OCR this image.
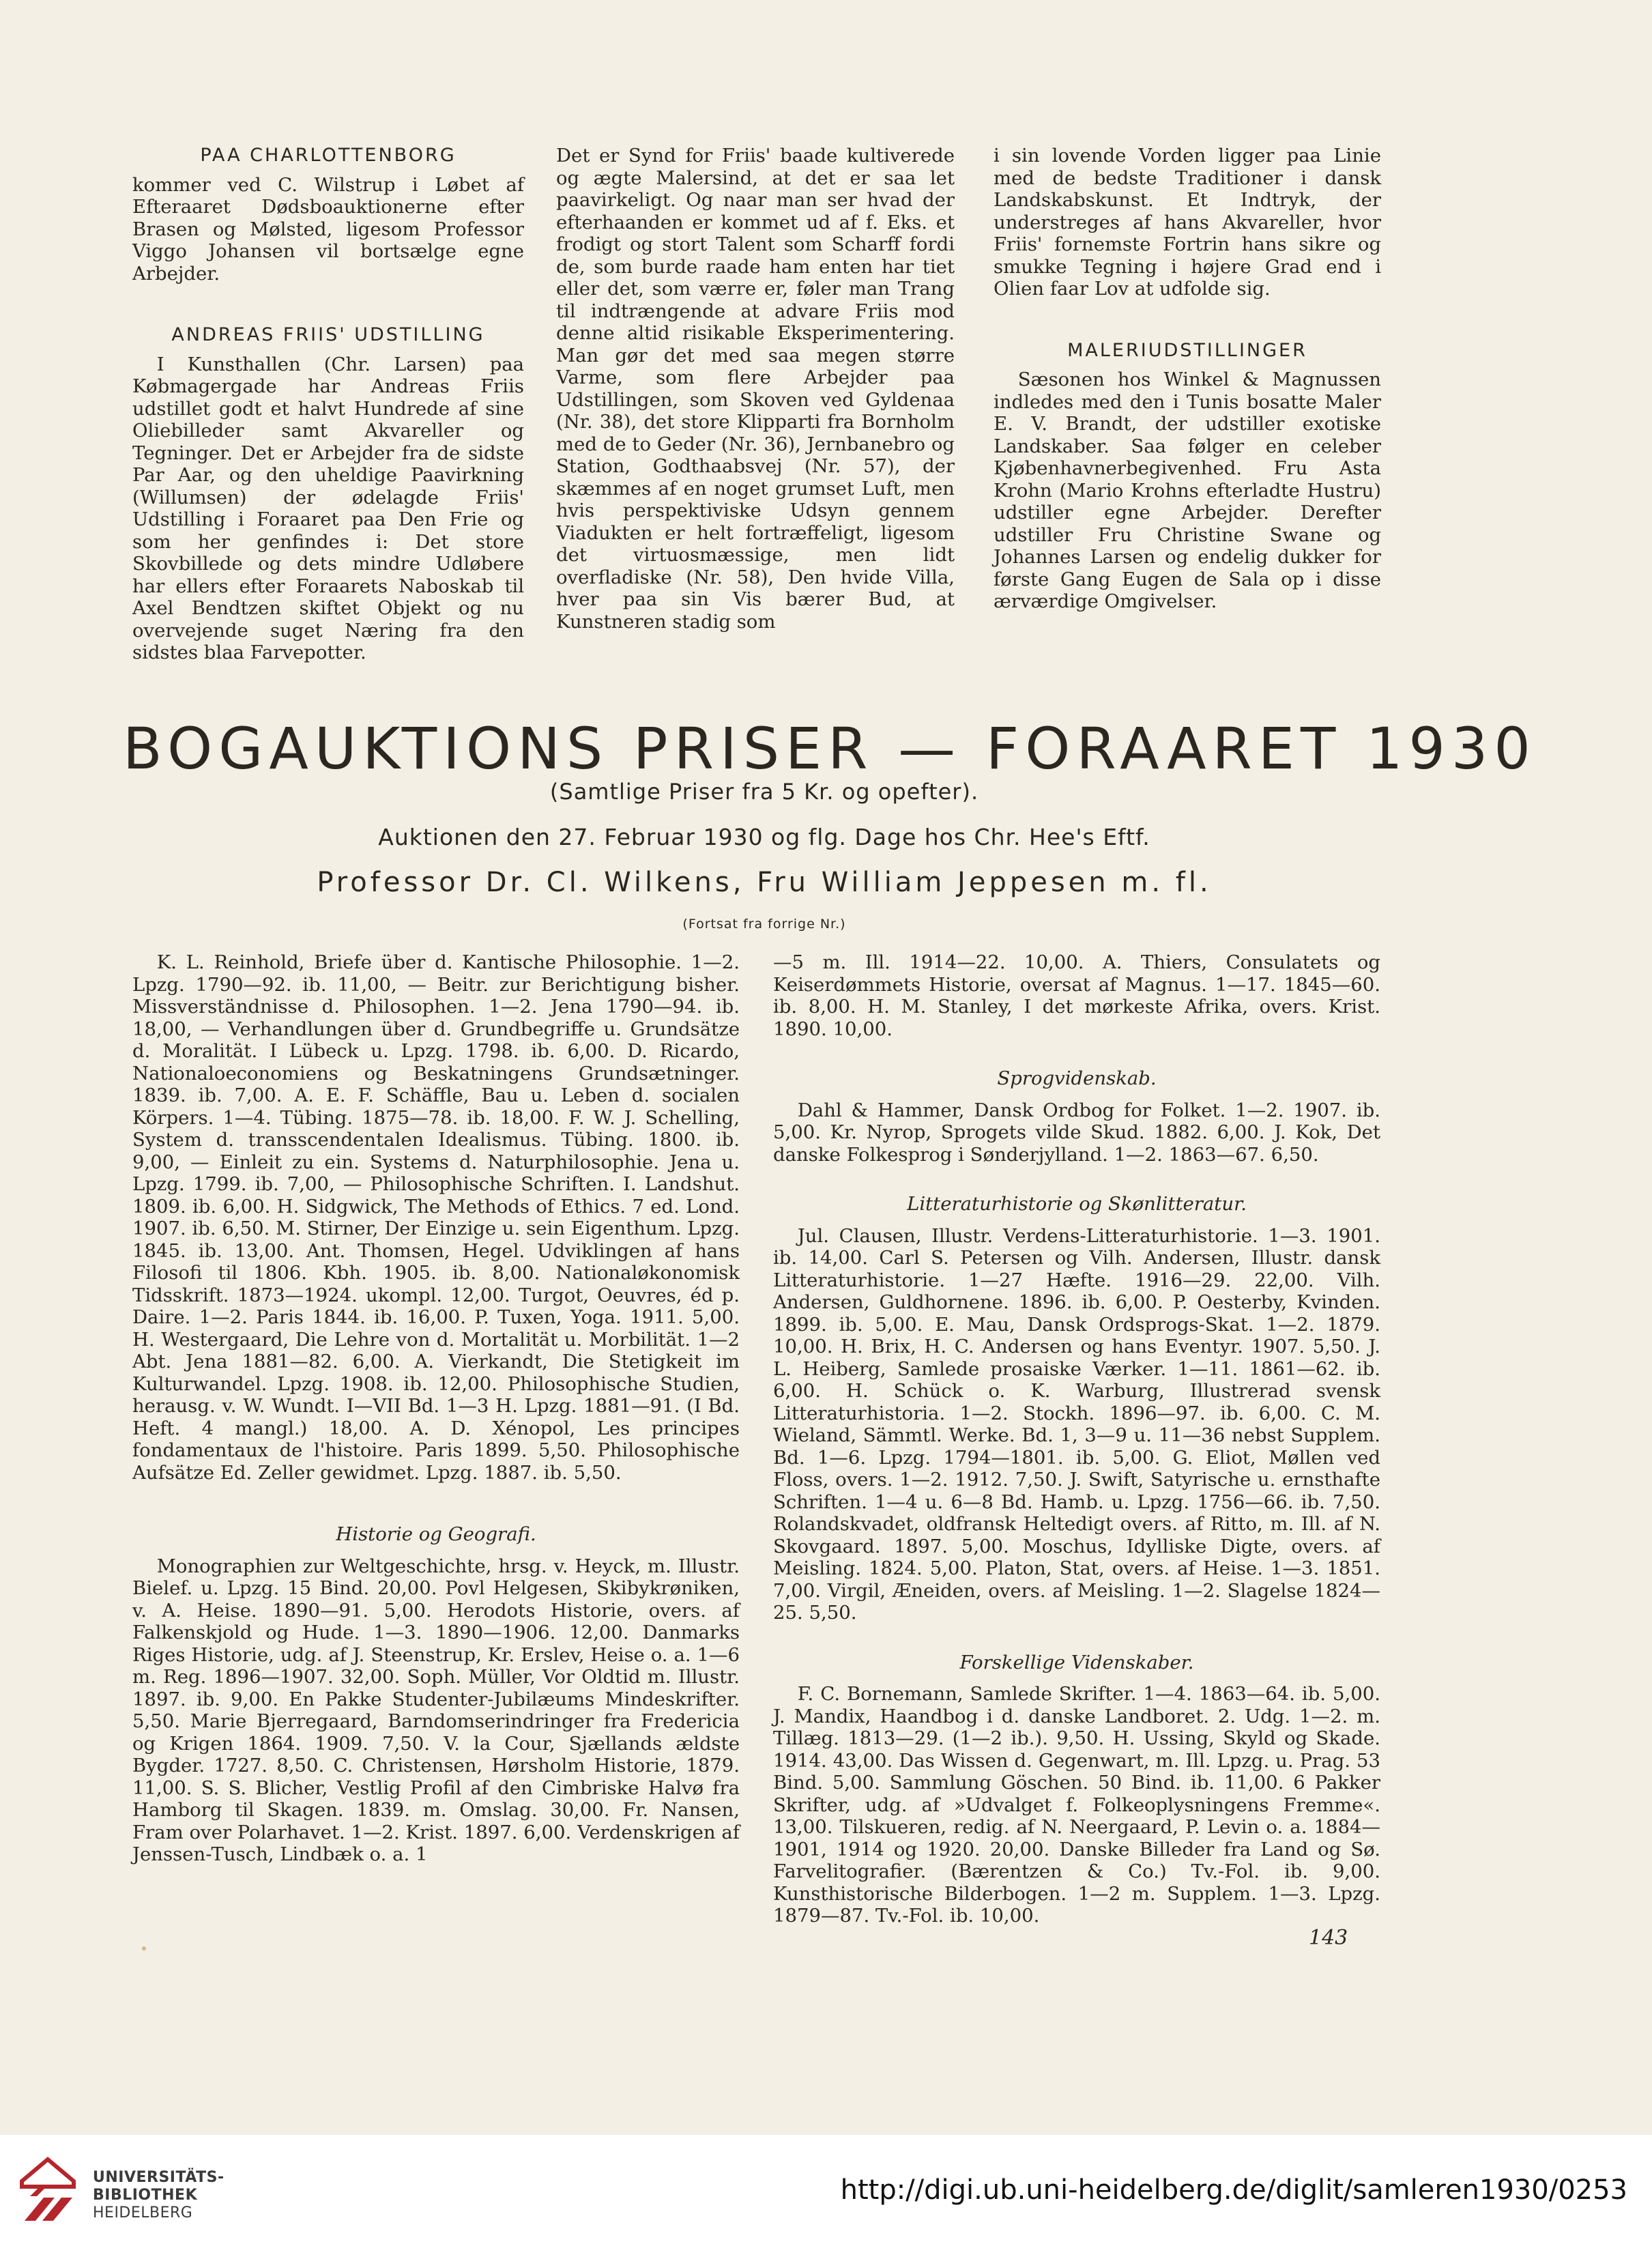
PAA CHARLOTTENBORG

kommer ved C. Wilstrup i Løbet af Efteraaret Dødsboauktionerne efter Brasen og Mølsted, ligesom Professor Viggo Johansen vil bortsælge egne Arbejder.

ANDREAS FRIIS' UDSTILLING

I Kunsthallen (Chr. Larsen) paa Købmagergade har Andreas Friis udstillet godt et halvt Hundrede af sine Oliebilleder samt Akvareller og Tegninger. Det er Arbejder fra de sidste Par Aar, og den uheldige Paavirkning (Willumsen) der ødelagde Friis' Udstilling i Foraaret paa Den Frie og som her genfindes i: Det store Skovbillede og dets mindre Udløbere har ellers efter Foraarets Naboskab til Axel Bendtzen skiftet Objekt og nu overvejende suget Næring fra den sidstes blaa Farvepotter.

Det er Synd for Friis' baade kultiverede og ægte Malersind, at det er saa let paavirkeligt. Og naar man ser hvad der efterhaanden er kommet ud af f. Eks. et frodigt og stort Talent som Scharff fordi de, som burde raade ham enten har tiet eller det, som værre er, føler man Trang til indtrængende at advare Friis mod denne altid risikable Eksperimentering. Man gør det med saa megen større Varme, som flere Arbejder paa Udstillingen, som Skoven ved Gyldenaa (Nr. 38), det store Klipparti fra Bornholm med de to Geder (Nr. 36), Jernbanebro og Station, Godthaabsvej (Nr. 57), der skæmmes af en noget grumset Luft, men hvis perspektiviske Udsyn gennem Viadukten er helt fortræffeligt, ligesom det virtuosmæssige, men lidt overfladiske (Nr. 58), Den hvide Villa, hver paa sin Vis bærer Bud, at Kunstneren stadig som

i sin lovende Vorden ligger paa Linie med de bedste Traditioner i dansk Landskabskunst. Et Indtryk, der understreges af hans Akvareller, hvor Friis' fornemste Fortrin hans sikre og smukke Tegning i højere Grad end i Olien faar Lov at udfolde sig.

MALERIUDSTILLINGER

Sæsonen hos Winkel & Magnussen indledes med den i Tunis bosatte Maler E. V. Brandt, der udstiller exotiske Landskaber. Saa følger en celeber Kjøbenhavnerbegivenhed. Fru Asta Krohn (Mario Krohns efterladte Hustru) udstiller egne Arbejder. Derefter udstiller Fru Christine Swane og Johannes Larsen og endelig dukker for første Gang Eugen de Sala op i disse ærværdige Omgivelser.

BOGAUKTIONS PRISER — FORAARET 1930
(Samtlige Priser fra 5 Kr. og opefter).
Auktionen den 27. Februar 1930 og flg. Dage hos Chr. Hee's Eftf.
Professor Dr. Cl. Wilkens, Fru William Jeppesen m. fl.
(Fortsat fra forrige Nr.)

K. L. Reinhold, Briefe über d. Kantische Philosophie. 1—2. Lpzg. 1790—92. ib. 11,00, — Beitr. zur Berichtigung bisher. Missverständnisse d. Philosophen. 1—2. Jena 1790—94. ib. 18,00, — Verhandlungen über d. Grundbegriffe u. Grundsätze d. Moralität. I Lübeck u. Lpzg. 1798. ib. 6,00. D. Ricardo, Nationaloeconomiens og Beskatningens Grundsætninger. 1839. ib. 7,00. A. E. F. Schäffle, Bau u. Leben d. socialen Körpers. 1—4. Tübing. 1875—78. ib. 18,00. F. W. J. Schelling, System d. transscendentalen Idealismus. Tübing. 1800. ib. 9,00, — Einleit zu ein. Systems d. Naturphilosophie. Jena u. Lpzg. 1799. ib. 7,00, — Philosophische Schriften. I. Landshut. 1809. ib. 6,00. H. Sidgwick, The Methods of Ethics. 7 ed. Lond. 1907. ib. 6,50. M. Stirner, Der Einzige u. sein Eigenthum. Lpzg. 1845. ib. 13,00. Ant. Thomsen, Hegel. Udviklingen af hans Filosofi til 1806. Kbh. 1905. ib. 8,00. Nationaløkonomisk Tidsskrift. 1873—1924. ukompl. 12,00. Turgot, Oeuvres, éd p. Daire. 1—2. Paris 1844. ib. 16,00. P. Tuxen, Yoga. 1911. 5,00. H. Westergaard, Die Lehre von d. Mortalität u. Morbilität. 1—2 Abt. Jena 1881—82. 6,00. A. Vierkandt, Die Stetigkeit im Kulturwandel. Lpzg. 1908. ib. 12,00. Philosophische Studien, herausg. v. W. Wundt. I—VII Bd. 1—3 H. Lpzg. 1881—91. (I Bd. Heft. 4 mangl.) 18,00. A. D. Xénopol, Les principes fondamentaux de l'histoire. Paris 1899. 5,50. Philosophische Aufsätze Ed. Zeller gewidmet. Lpzg. 1887. ib. 5,50.

Historie og Geografi.

Monographien zur Weltgeschichte, hrsg. v. Heyck, m. Illustr. Bielef. u. Lpzg. 15 Bind. 20,00. Povl Helgesen, Skibykrøniken, v. A. Heise. 1890—91. 5,00. Herodots Historie, overs. af Falkenskjold og Hude. 1—3. 1890—1906. 12,00. Danmarks Riges Historie, udg. af J. Steenstrup, Kr. Erslev, Heise o. a. 1—6 m. Reg. 1896—1907. 32,00. Soph. Müller, Vor Oldtid m. Illustr. 1897. ib. 9,00. En Pakke Studenter-Jubilæums Mindeskrifter. 5,50. Marie Bjerregaard, Barndomserindringer fra Fredericia og Krigen 1864. 1909. 7,50. V. la Cour, Sjællands ældste Bygder. 1727. 8,50. C. Christensen, Hørsholm Historie, 1879. 11,00. S. S. Blicher, Vestlig Profil af den Cimbriske Halvø fra Hamborg til Skagen. 1839. m. Omslag. 30,00. Fr. Nansen, Fram over Polarhavet. 1—2. Krist. 1897. 6,00. Verdenskrigen af Jenssen-Tusch, Lindbæk o. a. 1

—5 m. Ill. 1914—22. 10,00. A. Thiers, Consulatets og Keiserdømmets Historie, oversat af Magnus. 1—17. 1845—60. ib. 8,00. H. M. Stanley, I det mørkeste Afrika, overs. Krist. 1890. 10,00.

Sprogvidenskab.

Dahl & Hammer, Dansk Ordbog for Folket. 1—2. 1907. ib. 5,00. Kr. Nyrop, Sprogets vilde Skud. 1882. 6,00. J. Kok, Det danske Folkesprog i Sønderjylland. 1—2. 1863—67. 6,50.

Litteraturhistorie og Skønlitteratur.

Jul. Clausen, Illustr. Verdens-Litteraturhistorie. 1—3. 1901. ib. 14,00. Carl S. Petersen og Vilh. Andersen, Illustr. dansk Litteraturhistorie. 1—27 Hæfte. 1916—29. 22,00. Vilh. Andersen, Guldhornene. 1896. ib. 6,00. P. Oesterby, Kvinden. 1899. ib. 5,00. E. Mau, Dansk Ordsprogs-Skat. 1—2. 1879. 10,00. H. Brix, H. C. Andersen og hans Eventyr. 1907. 5,50. J. L. Heiberg, Samlede prosaiske Værker. 1—11. 1861—62. ib. 6,00. H. Schück o. K. Warburg, Illustrerad svensk Litteraturhistoria. 1—2. Stockh. 1896—97. ib. 6,00. C. M. Wieland, Sämmtl. Werke. Bd. 1, 3—9 u. 11—36 nebst Supplem. Bd. 1—6. Lpzg. 1794—1801. ib. 5,00. G. Eliot, Møllen ved Floss, overs. 1—2. 1912. 7,50. J. Swift, Satyrische u. ernsthafte Schriften. 1—4 u. 6—8 Bd. Hamb. u. Lpzg. 1756—66. ib. 7,50. Rolandskvadet, oldfransk Heltedigt overs. af Ritto, m. Ill. af N. Skovgaard. 1897. 5,00. Moschus, Idylliske Digte, overs. af Meisling. 1824. 5,00. Platon, Stat, overs. af Heise. 1—3. 1851. 7,00. Virgil, Æneiden, overs. af Meisling. 1—2. Slagelse 1824—25. 5,50.

Forskellige Videnskaber.

F. C. Bornemann, Samlede Skrifter. 1—4. 1863—64. ib. 5,00. J. Mandix, Haandbog i d. danske Landboret. 2. Udg. 1—2. m. Tillæg. 1813—29. (1—2 ib.). 9,50. H. Ussing, Skyld og Skade. 1914. 43,00. Das Wissen d. Gegenwart, m. Ill. Lpzg. u. Prag. 53 Bind. 5,00. Sammlung Göschen. 50 Bind. ib. 11,00. 6 Pakker Skrifter, udg. af »Udvalget f. Folkeoplysningens Fremme«. 13,00. Tilskueren, redig. af N. Neergaard, P. Levin o. a. 1884—1901, 1914 og 1920. 20,00. Danske Billeder fra Land og Sø. Farvelitografier. (Bærentzen & Co.) Tv.-Fol. ib. 9,00. Kunsthistorische Bilderbogen. 1—2 m. Supplem. 1—3. Lpzg. 1879—87. Tv.-Fol. ib. 10,00.

143
UNIVERSITÄTS-
BIBLIOTHEK
HEIDELBERG
http://digi.ub.uni-heidelberg.de/diglit/samleren1930/0253
